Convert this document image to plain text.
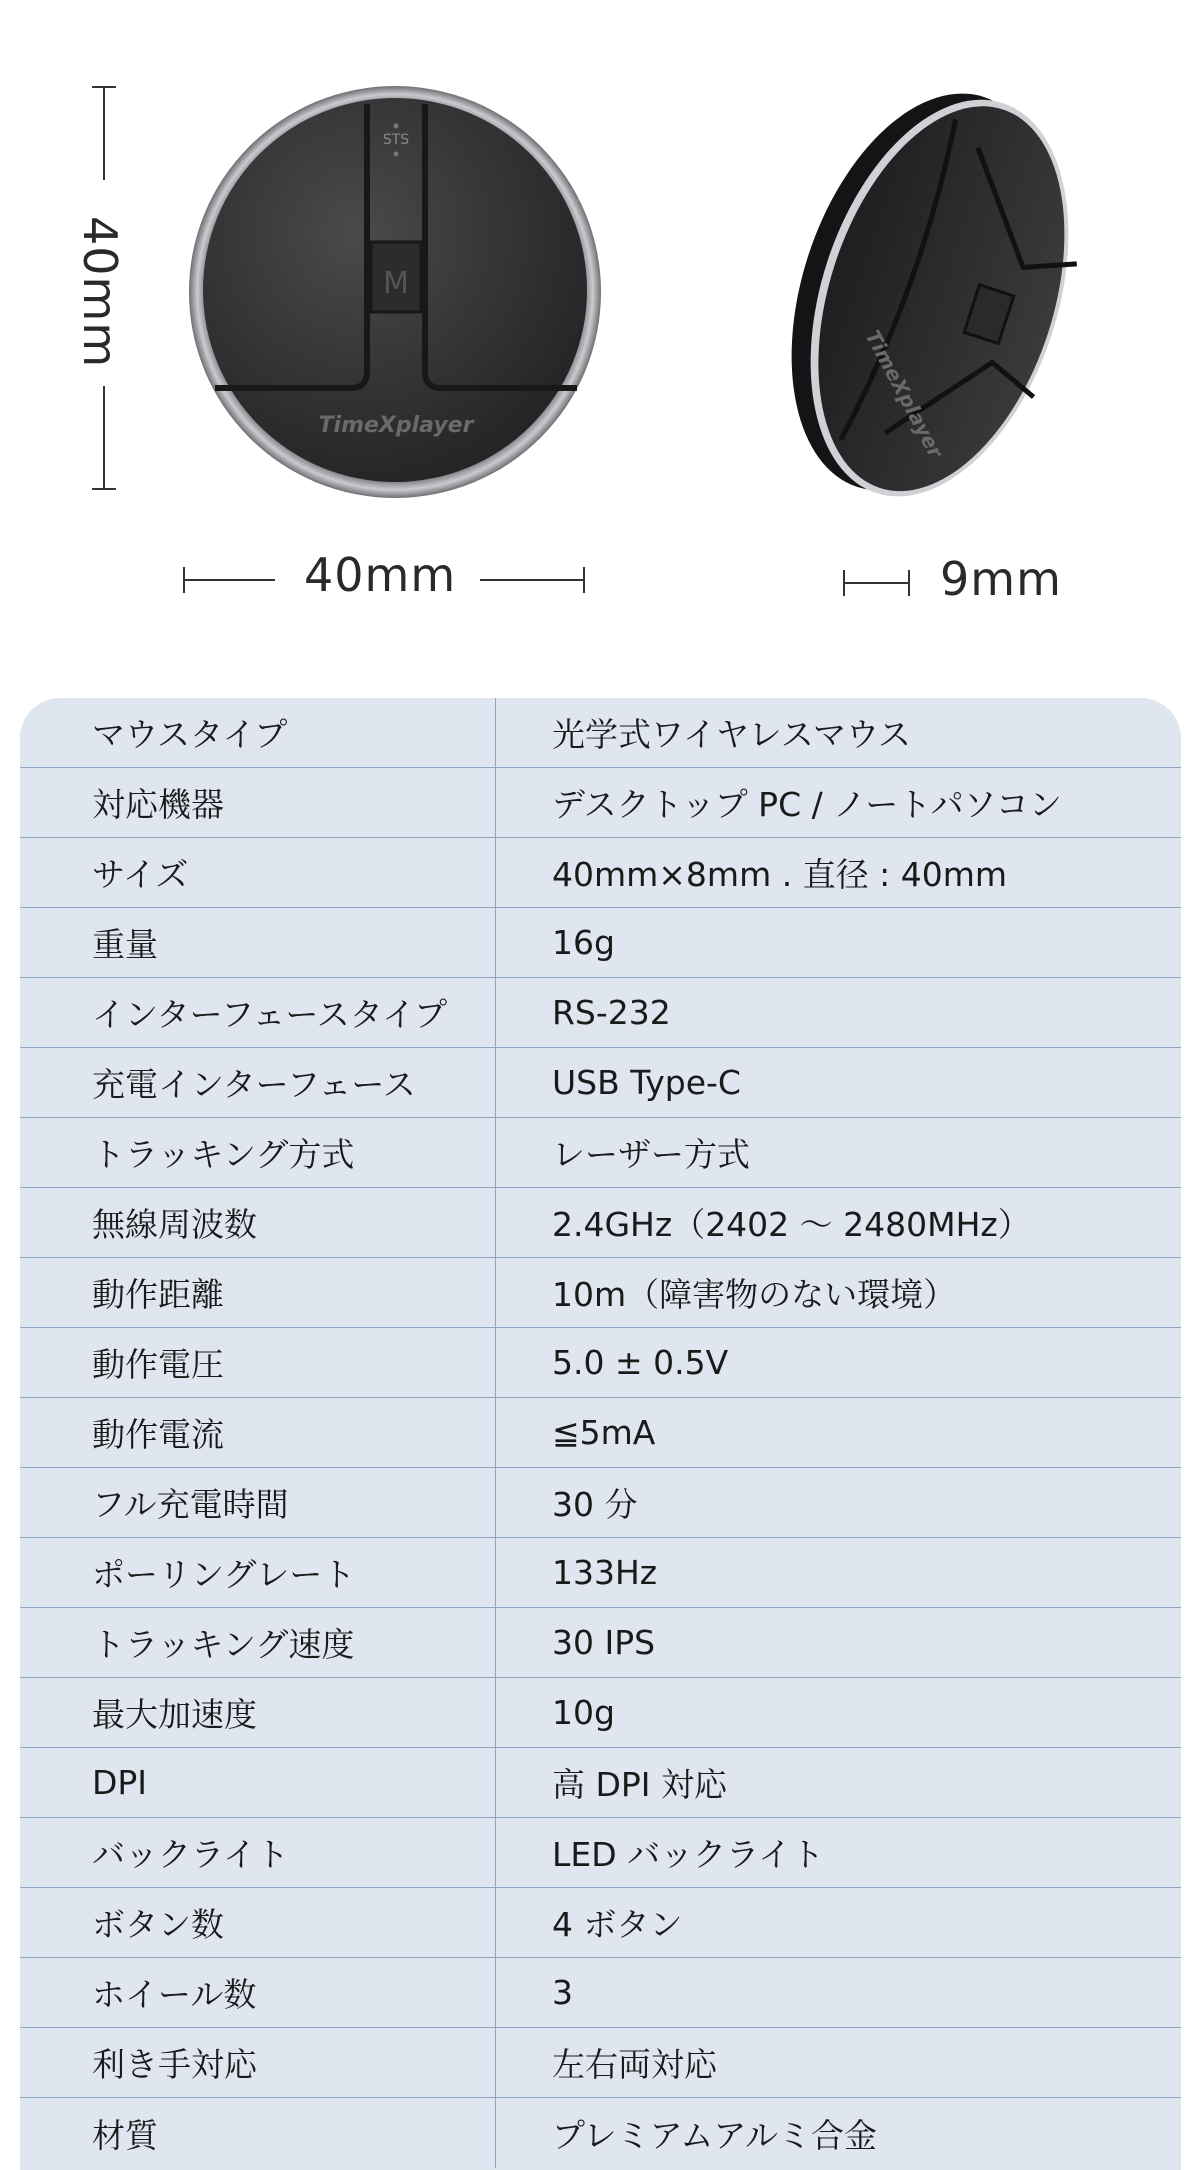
40mm	M
STS
TimeXplayer
40mm
TimeXplayer
9mm
マウスタイプ	光学式ワイヤレスマウス
対応機器	デスクトップ PC / ノートパソコン
サイズ	40mm×8mm . 直径 : 40mm
重量	16g
インターフェースタイプ	RS-232
充電インターフェース	USB Type-C
トラッキング方式	レーザー方式
無線周波数	2.4GHz（2402 〜 2480MHz）
動作距離	10m（障害物のない環境）
動作電圧	5.0 ± 0.5V
動作電流	≦5mA
フル充電時間	30 分
ポーリングレート	133Hz
トラッキング速度	30 IPS
最大加速度	10g
DPI	高 DPI 対応
バックライト	LED バックライト
ボタン数	4 ボタン
ホイール数	3
利き手対応	左右両対応
材質	プレミアムアルミ合金
